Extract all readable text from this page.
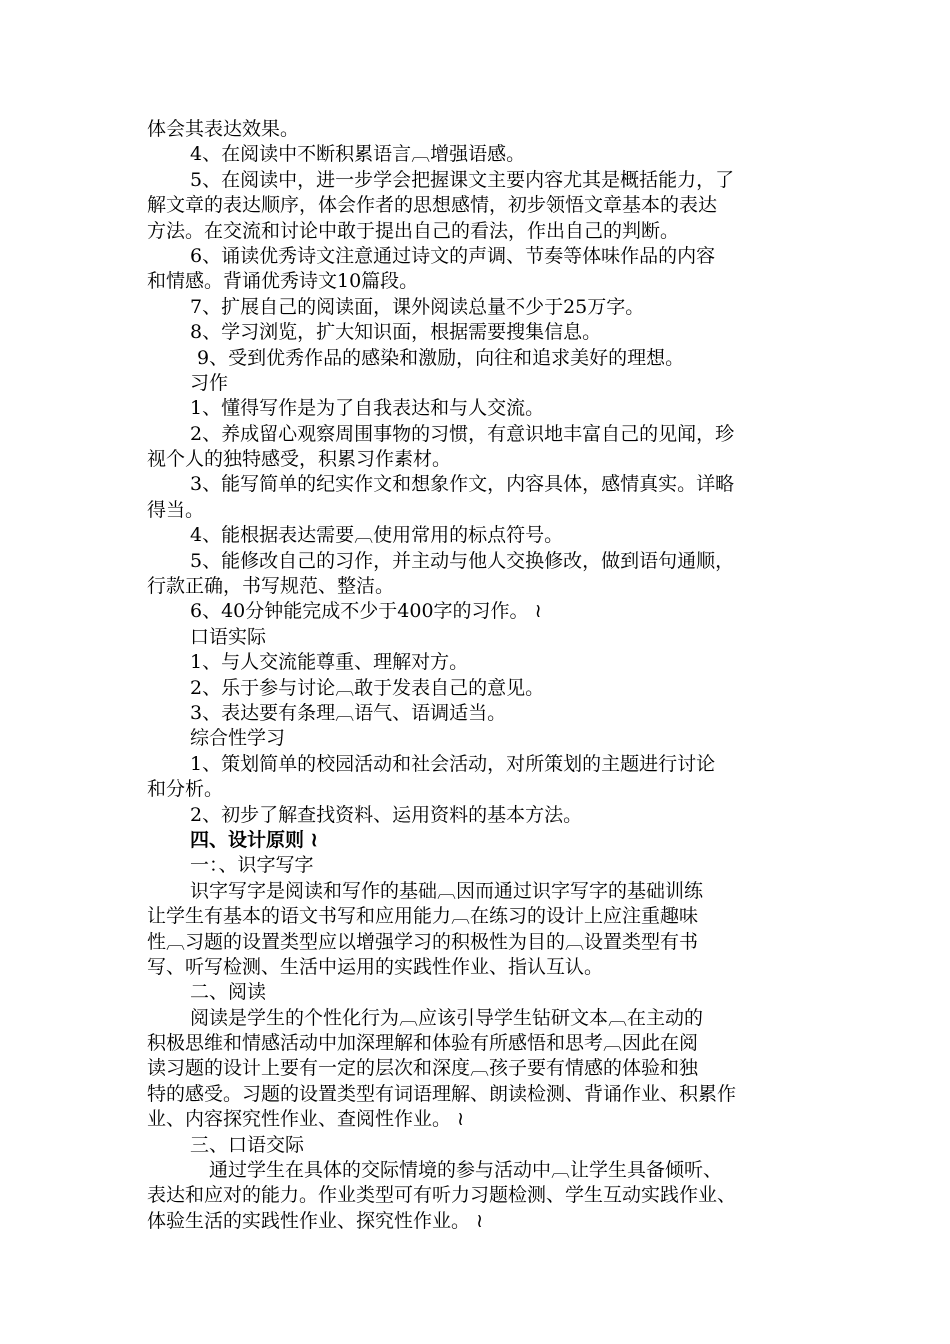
体会其表达效果。
4、在阅读中不断积累语言︹增强语感。
5、在阅读中，进一步学会把握课文主要内容尤其是概括能力，了
解文章的表达顺序，体会作者的思想感情，初步领悟文章基本的表达
方法。在交流和讨论中敢于提出自己的看法，作出自己的判断。
6、诵读优秀诗文注意通过诗文的声调、节奏等体味作品的内容
和情感。背诵优秀诗文10篇段。
7、扩展自己的阅读面，课外阅读总量不少于25万字。
8、学习浏览，扩大知识面，根据需要搜集信息。
9、受到优秀作品的感染和激励，向往和追求美好的理想。
习作
1、懂得写作是为了自我表达和与人交流。
2、养成留心观察周围事物的习惯，有意识地丰富自己的见闻，珍
视个人的独特感受，积累习作素材。
3、能写简单的纪实作文和想象作文，内容具体，感情真实。详略
得当。
4、能根据表达需要︹使用常用的标点符号。
5、能修改自己的习作，并主动与他人交换修改，做到语句通顺，
行款正确，书写规范、整洁。
6、40分钟能完成不少于400字的习作。 ≀
口语实际
1、与人交流能尊重、理解对方。
2、乐于参与讨论︹敢于发表自己的意见。
3、表达要有条理︹语气、语调适当。
综合性学习
1、策划简单的校园活动和社会活动，对所策划的主题进行讨论
和分析。
2、初步了解查找资料、运用资料的基本方法。
四、设计原则 ≀
一：、识字写字
识字写字是阅读和写作的基础︹因而通过识字写字的基础训练
让学生有基本的语文书写和应用能力︹在练习的设计上应注重趣味
性︹习题的设置类型应以增强学习的积极性为目的︹设置类型有书
写、听写检测、生活中运用的实践性作业、指认互认。
二、阅读
阅读是学生的个性化行为︹应该引导学生钻研文本︹在主动的
积极思维和情感活动中加深理解和体验有所感悟和思考︹因此在阅
读习题的设计上要有一定的层次和深度︹孩子要有情感的体验和独
特的感受。习题的设置类型有词语理解、朗读检测、背诵作业、积累作
业、内容探究性作业、查阅性作业。 ≀
三、口语交际
通过学生在具体的交际情境的参与活动中︹让学生具备倾听、
表达和应对的能力。作业类型可有听力习题检测、学生互动实践作业、
体验生活的实践性作业、探究性作业。 ≀
